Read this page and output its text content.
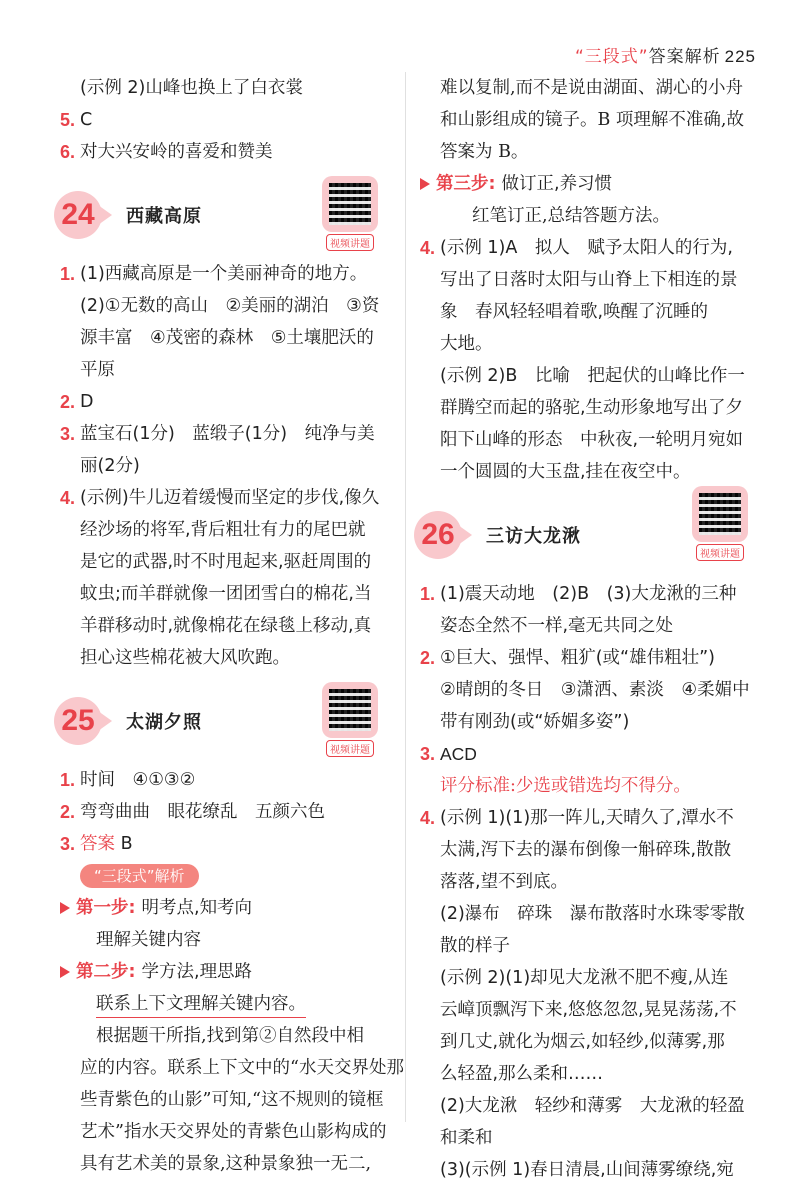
“三段式”答案解析 225
(示例 2)山峰也换上了白衣裳
5. C
6. 对大兴安岭的喜爱和赞美
24	西藏高原
视频讲题
1. (1)西藏高原是一个美丽神奇的地方。
(2)①无数的高山　②美丽的湖泊　③资
源丰富　④茂密的森林　⑤土壤肥沃的
平原
2. D
3. 蓝宝石(1分)　蓝缎子(1分)　纯净与美
丽(2分)
4. (示例)牛儿迈着缓慢而坚定的步伐,像久
经沙场的将军,背后粗壮有力的尾巴就
是它的武器,时不时甩起来,驱赶周围的
蚊虫;而羊群就像一团团雪白的棉花,当
羊群移动时,就像棉花在绿毯上移动,真
担心这些棉花被大风吹跑。
25	太湖夕照
视频讲题
1. 时间　④①③②
2. 弯弯曲曲　眼花缭乱　五颜六色
3. 答案 B
“三段式”解析
第一步: 明考点,知考向
理解关键内容
第二步: 学方法,理思路
联系上下文理解关键内容。
根据题干所指,找到第②自然段中相
应的内容。联系上下文中的“水天交界处那
些青紫色的山影”可知,“这不规则的镜框
艺术”指水天交界处的青紫色山影构成的
具有艺术美的景象,这种景象独一无二,
难以复制,而不是说由湖面、湖心的小舟
和山影组成的镜子。B 项理解不准确,故
答案为 B。
第三步: 做订正,养习惯
红笔订正,总结答题方法。
4. (示例 1)A　拟人　赋予太阳人的行为,
写出了日落时太阳与山脊上下相连的景
象　春风轻轻唱着歌,唤醒了沉睡的
大地。
(示例 2)B　比喻　把起伏的山峰比作一
群腾空而起的骆驼,生动形象地写出了夕
阳下山峰的形态　中秋夜,一轮明月宛如
一个圆圆的大玉盘,挂在夜空中。
26	三访大龙湫
视频讲题
1. (1)震天动地　(2)B　(3)大龙湫的三种
姿态全然不一样,毫无共同之处
2. ①巨大、强悍、粗犷(或“雄伟粗壮”)
②晴朗的冬日　③潇洒、素淡　④柔媚中
带有刚劲(或“娇媚多姿”)
3. ACD
评分标准:少选或错选均不得分。
4. (示例 1)(1)那一阵儿,天晴久了,潭水不
太满,泻下去的瀑布倒像一斛碎珠,散散
落落,望不到底。
(2)瀑布　碎珠　瀑布散落时水珠零零散
散的样子
(示例 2)(1)却见大龙湫不肥不瘦,从连
云嶂顶飘泻下来,悠悠忽忽,晃晃荡荡,不
到几丈,就化为烟云,如轻纱,似薄雾,那
么轻盈,那么柔和……
(2)大龙湫　轻纱和薄雾　大龙湫的轻盈
和柔和
(3)(示例 1)春日清晨,山间薄雾缭绕,宛
